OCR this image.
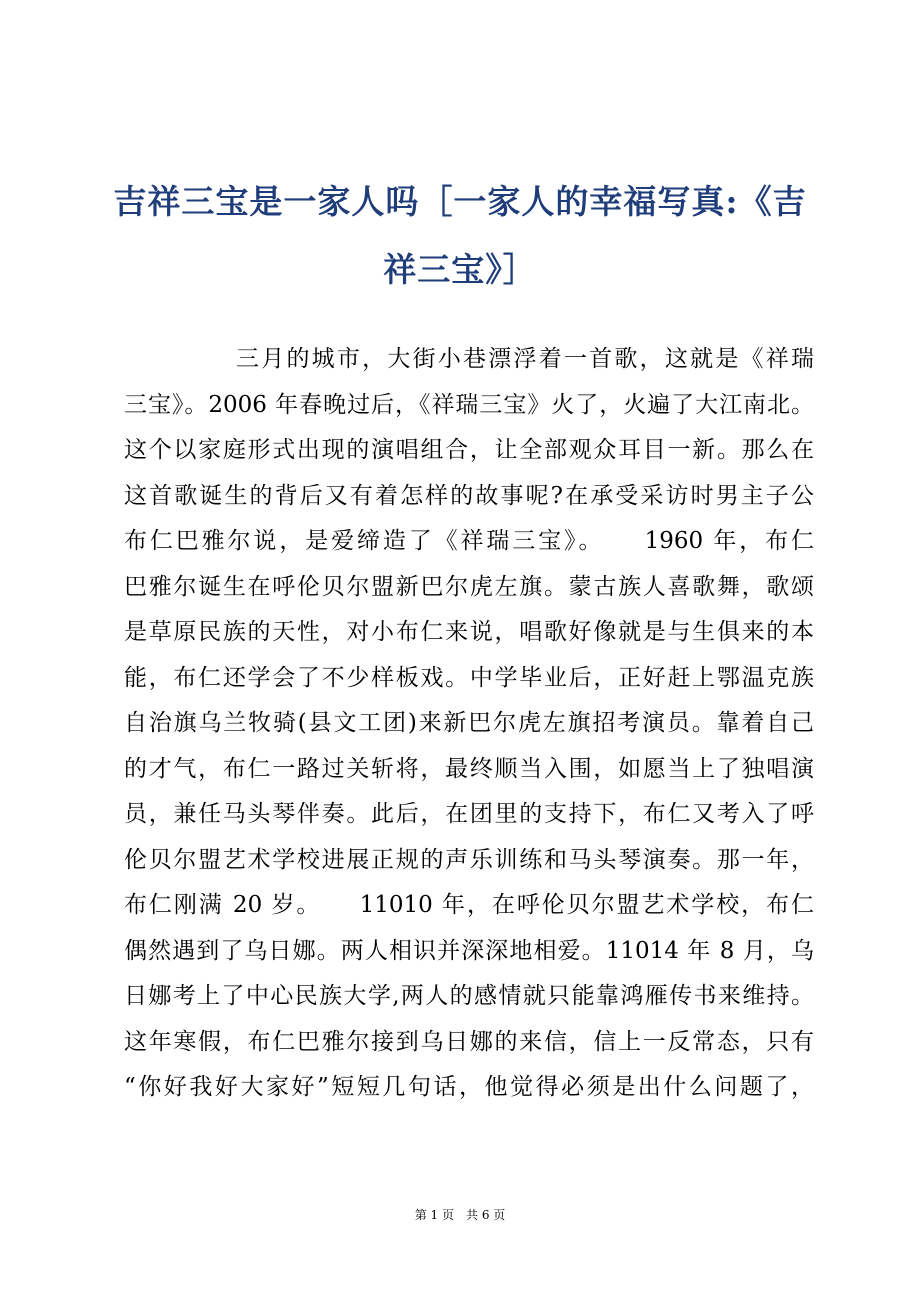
吉祥三宝是一家人吗［一家人的幸福写真:《吉
祥三宝》］
三月的城市，大街小巷漂浮着一首歌，这就是《祥瑞
三宝》。2006 年春晚过后，《祥瑞三宝》火了，火遍了大江南北。
这个以家庭形式出现的演唱组合，让全部观众耳目一新。那么在
这首歌诞生的背后又有着怎样的故事呢?在承受采访时男主子公
布仁巴雅尔说，是爱缔造了《祥瑞三宝》。　　1960 年，布仁
巴雅尔诞生在呼伦贝尔盟新巴尔虎左旗。蒙古族人喜歌舞，歌颂
是草原民族的天性，对小布仁来说，唱歌好像就是与生俱来的本
能，布仁还学会了不少样板戏。中学毕业后，正好赶上鄂温克族
自治旗乌兰牧骑(县文工团)来新巴尔虎左旗招考演员。靠着自己
的才气，布仁一路过关斩将，最终顺当入围，如愿当上了独唱演
员，兼任马头琴伴奏。此后，在团里的支持下，布仁又考入了呼
伦贝尔盟艺术学校进展正规的声乐训练和马头琴演奏。那一年，
布仁刚满 20 岁。　　11010 年，在呼伦贝尔盟艺术学校，布仁
偶然遇到了乌日娜。两人相识并深深地相爱。11014 年 8 月，乌
日娜考上了中心民族大学,两人的感情就只能靠鸿雁传书来维持。
这年寒假，布仁巴雅尔接到乌日娜的来信，信上一反常态，只有
“你好我好大家好”短短几句话，他觉得必须是出什么问题了，
第 1 页　共 6 页
